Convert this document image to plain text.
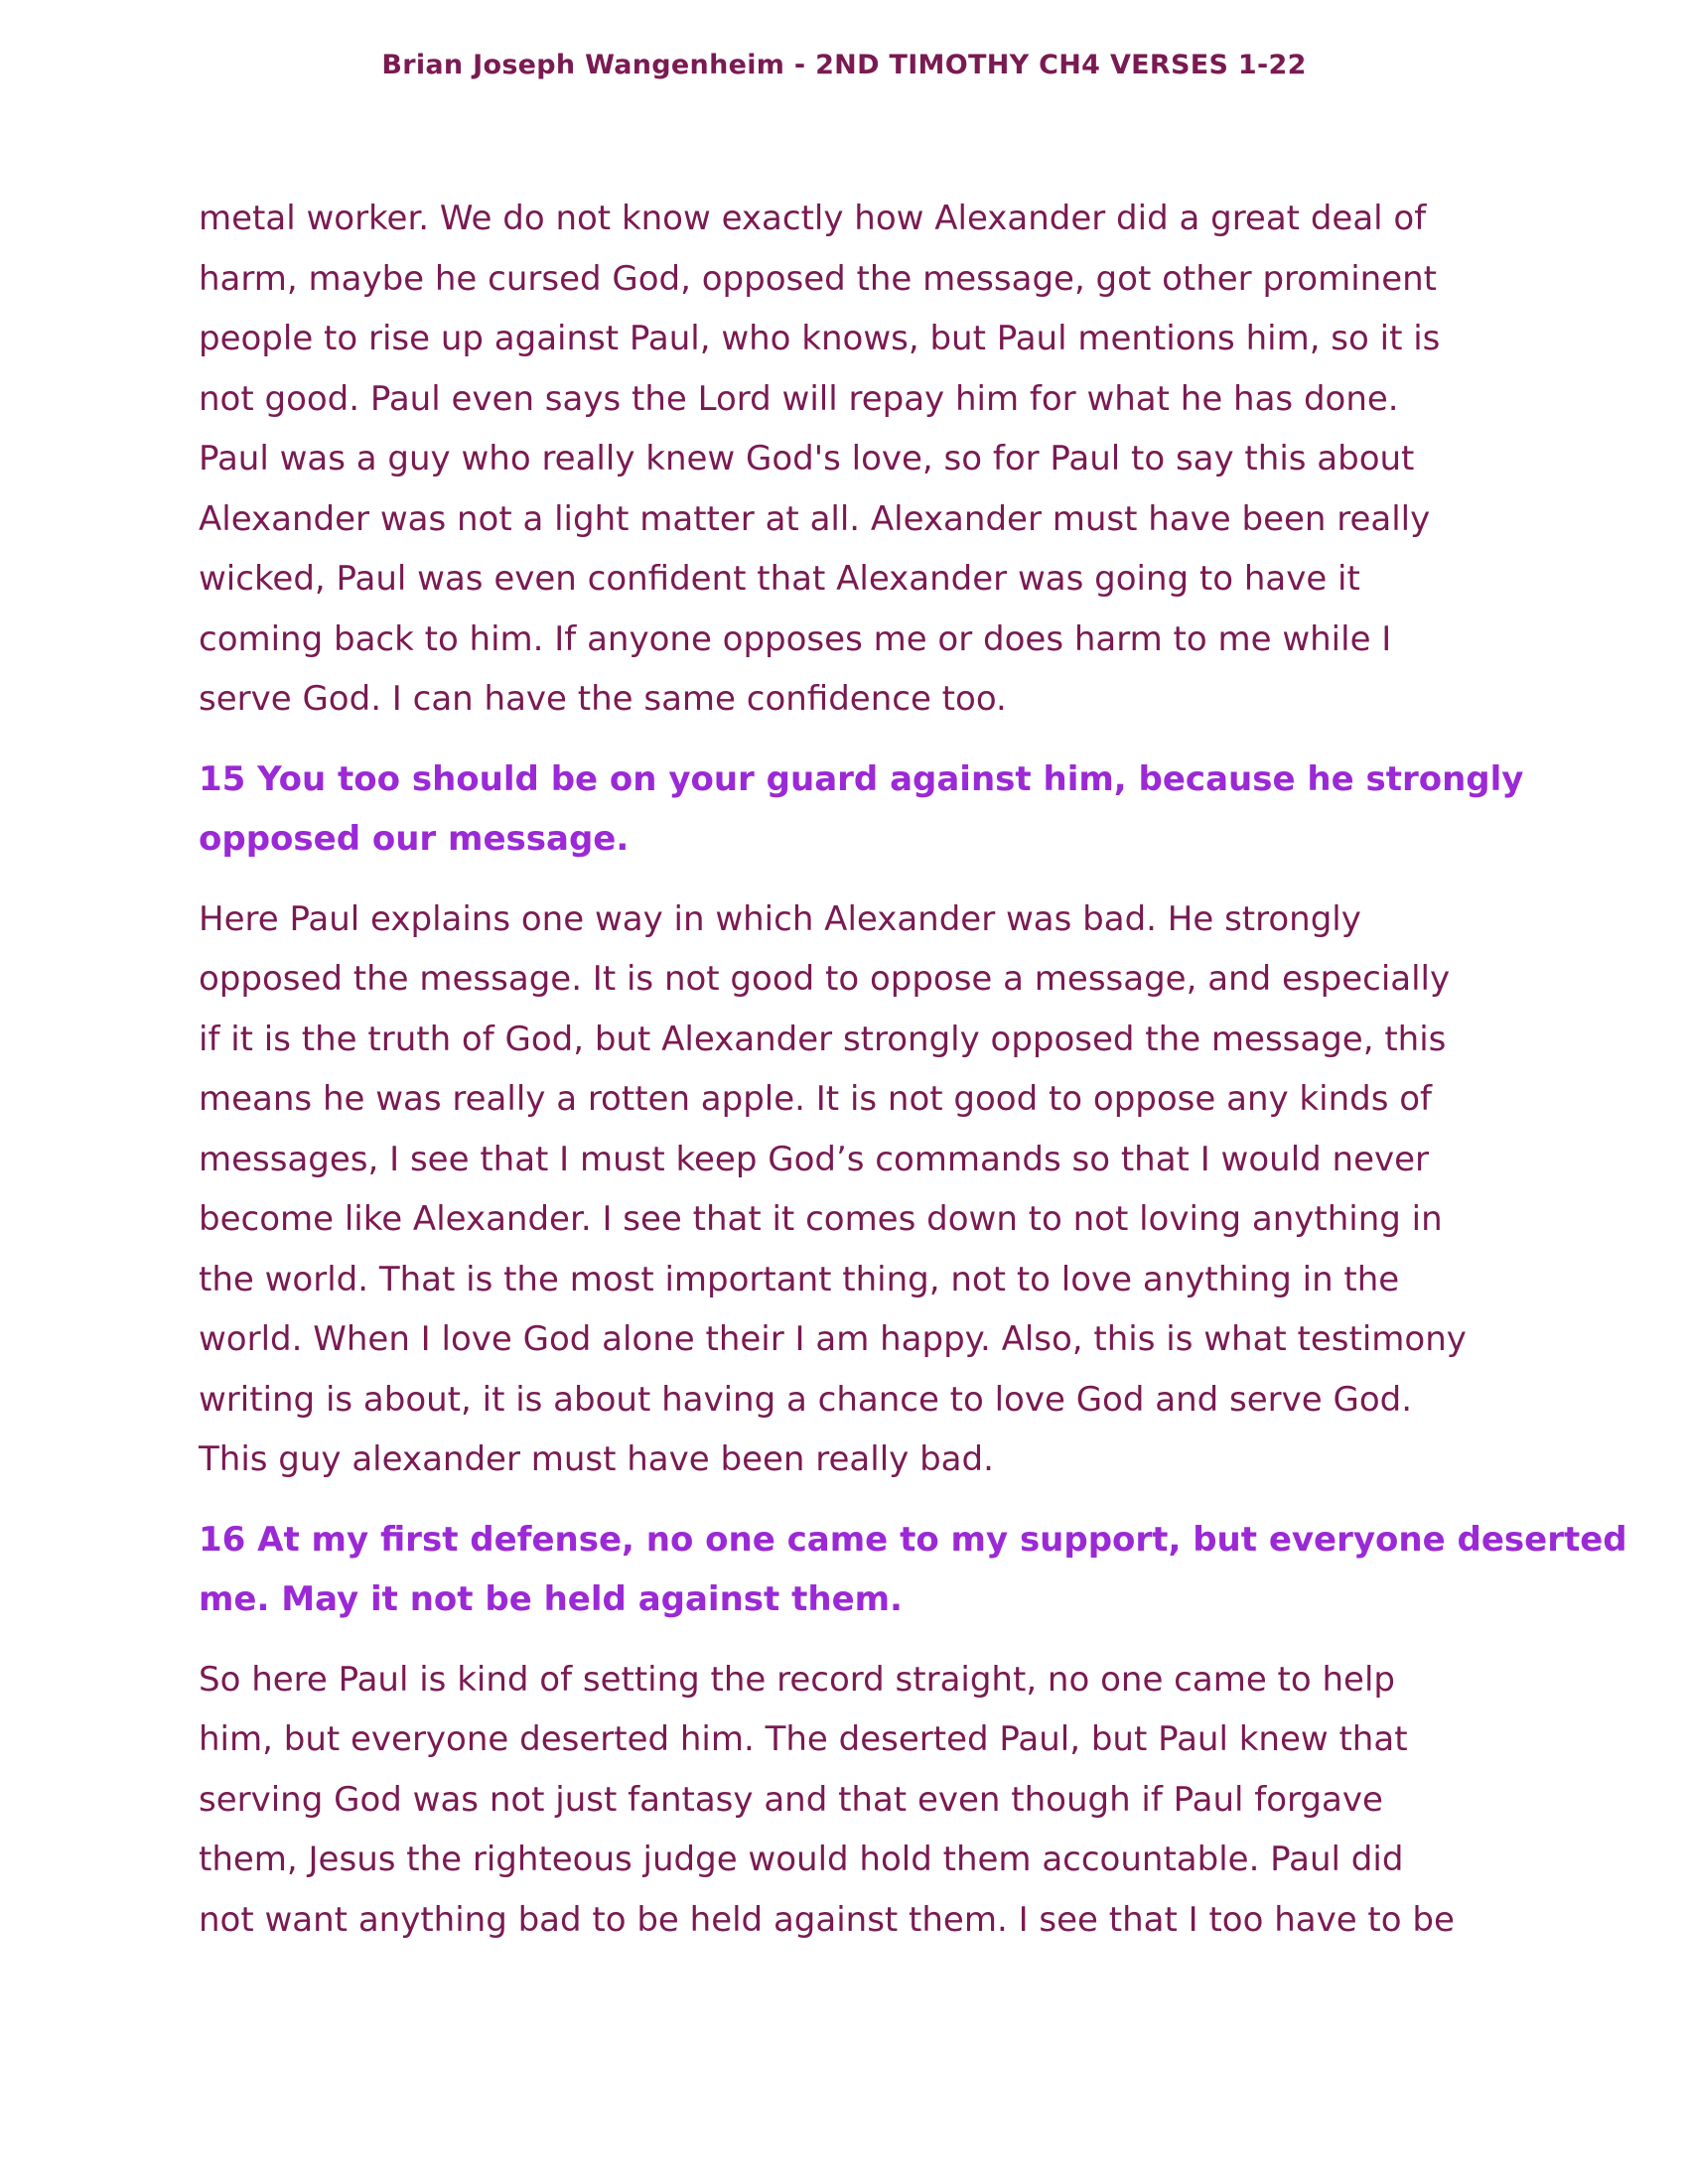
Brian Joseph Wangenheim - 2ND TIMOTHY CH4 VERSES 1-22
metal worker. We do not know exactly how Alexander did a great deal of
harm, maybe he cursed God, opposed the message, got other prominent
people to rise up against Paul, who knows, but Paul mentions him, so it is
not good. Paul even says the Lord will repay him for what he has done.
Paul was a guy who really knew God's love, so for Paul to say this about
Alexander was not a light matter at all. Alexander must have been really
wicked, Paul was even confident that Alexander was going to have it
coming back to him. If anyone opposes me or does harm to me while I
serve God. I can have the same confidence too.
15 You too should be on your guard against him, because he strongly
opposed our message.
Here Paul explains one way in which Alexander was bad. He strongly
opposed the message. It is not good to oppose a message, and especially
if it is the truth of God, but Alexander strongly opposed the message, this
means he was really a rotten apple. It is not good to oppose any kinds of
messages, I see that I must keep God’s commands so that I would never
become like Alexander. I see that it comes down to not loving anything in
the world. That is the most important thing, not to love anything in the
world. When I love God alone their I am happy. Also, this is what testimony
writing is about, it is about having a chance to love God and serve God.
This guy alexander must have been really bad.
16 At my first defense, no one came to my support, but everyone deserted
me. May it not be held against them.
So here Paul is kind of setting the record straight, no one came to help
him, but everyone deserted him. The deserted Paul, but Paul knew that
serving God was not just fantasy and that even though if Paul forgave
them, Jesus the righteous judge would hold them accountable. Paul did
not want anything bad to be held against them. I see that I too have to be
